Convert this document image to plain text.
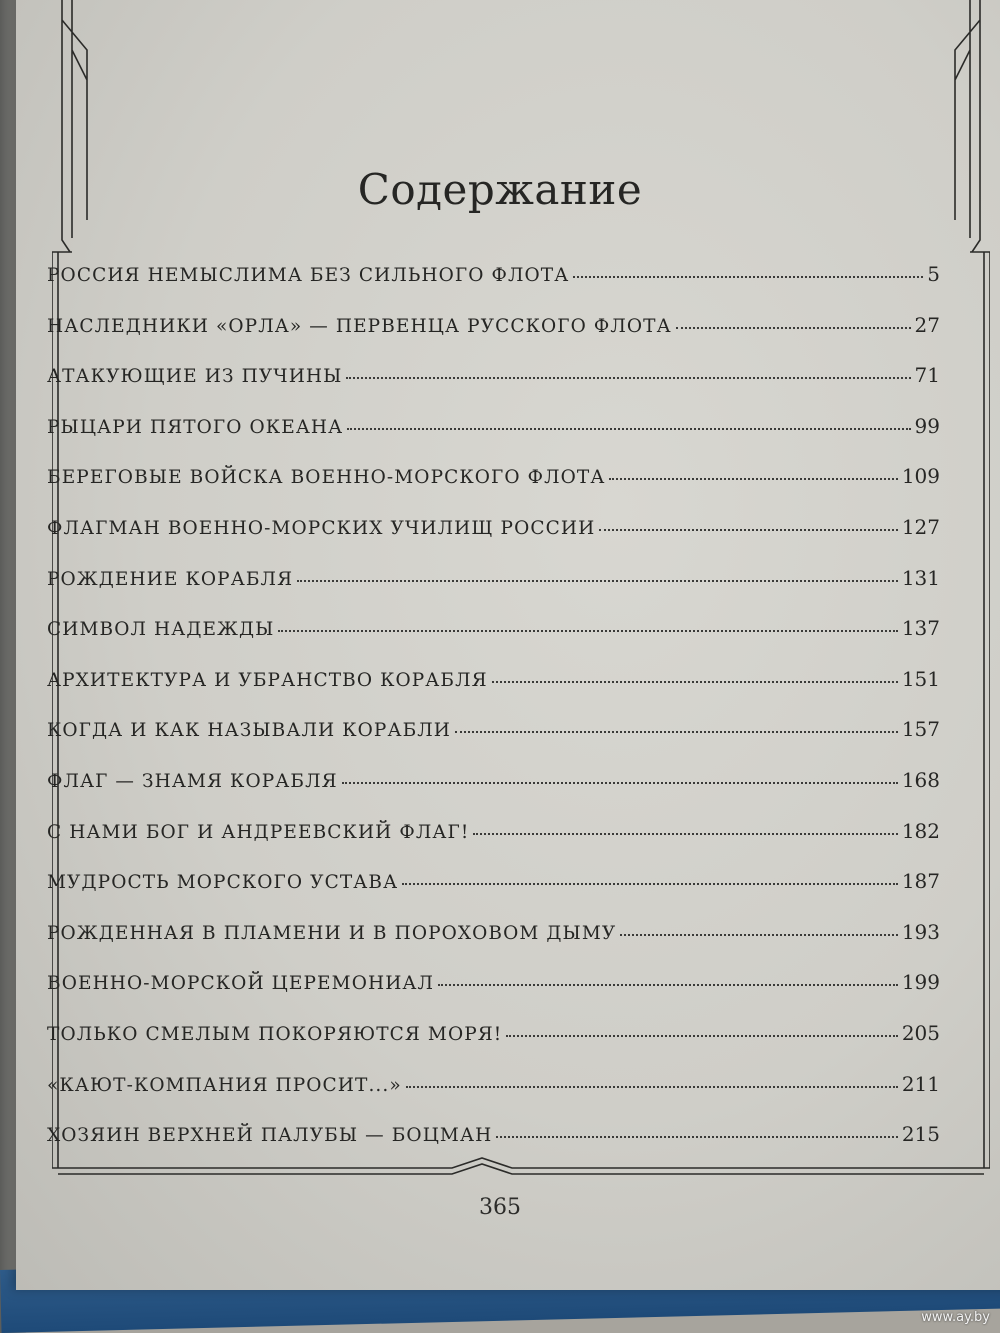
Содержание
РОССИЯ НЕМЫСЛИМА БЕЗ СИЛЬНОГО ФЛОТА	5
НАСЛЕДНИКИ «ОРЛА» — ПЕРВЕНЦА РУССКОГО ФЛОТА	27
АТАКУЮЩИЕ ИЗ ПУЧИНЫ	71
РЫЦАРИ ПЯТОГО ОКЕАНА	99
БЕРЕГОВЫЕ ВОЙСКА ВОЕННО-МОРСКОГО ФЛОТА	109
ФЛАГМАН ВОЕННО-МОРСКИХ УЧИЛИЩ РОССИИ	127
РОЖДЕНИЕ КОРАБЛЯ	131
СИМВОЛ НАДЕЖДЫ	137
АРХИТЕКТУРА И УБРАНСТВО КОРАБЛЯ	151
КОГДА И КАК НАЗЫВАЛИ КОРАБЛИ	157
ФЛАГ — ЗНАМЯ КОРАБЛЯ	168
С НАМИ БОГ И АНДРЕЕВСКИЙ ФЛАГ!	182
МУДРОСТЬ МОРСКОГО УСТАВА	187
РОЖДЕННАЯ В ПЛАМЕНИ И В ПОРОХОВОМ ДЫМУ	193
ВОЕННО-МОРСКОЙ ЦЕРЕМОНИАЛ	199
ТОЛЬКО СМЕЛЫМ ПОКОРЯЮТСЯ МОРЯ!	205
«КАЮТ-КОМПАНИЯ ПРОСИТ...»	211
ХОЗЯИН ВЕРХНЕЙ ПАЛУБЫ — БОЦМАН	215
365
www.ay.by
